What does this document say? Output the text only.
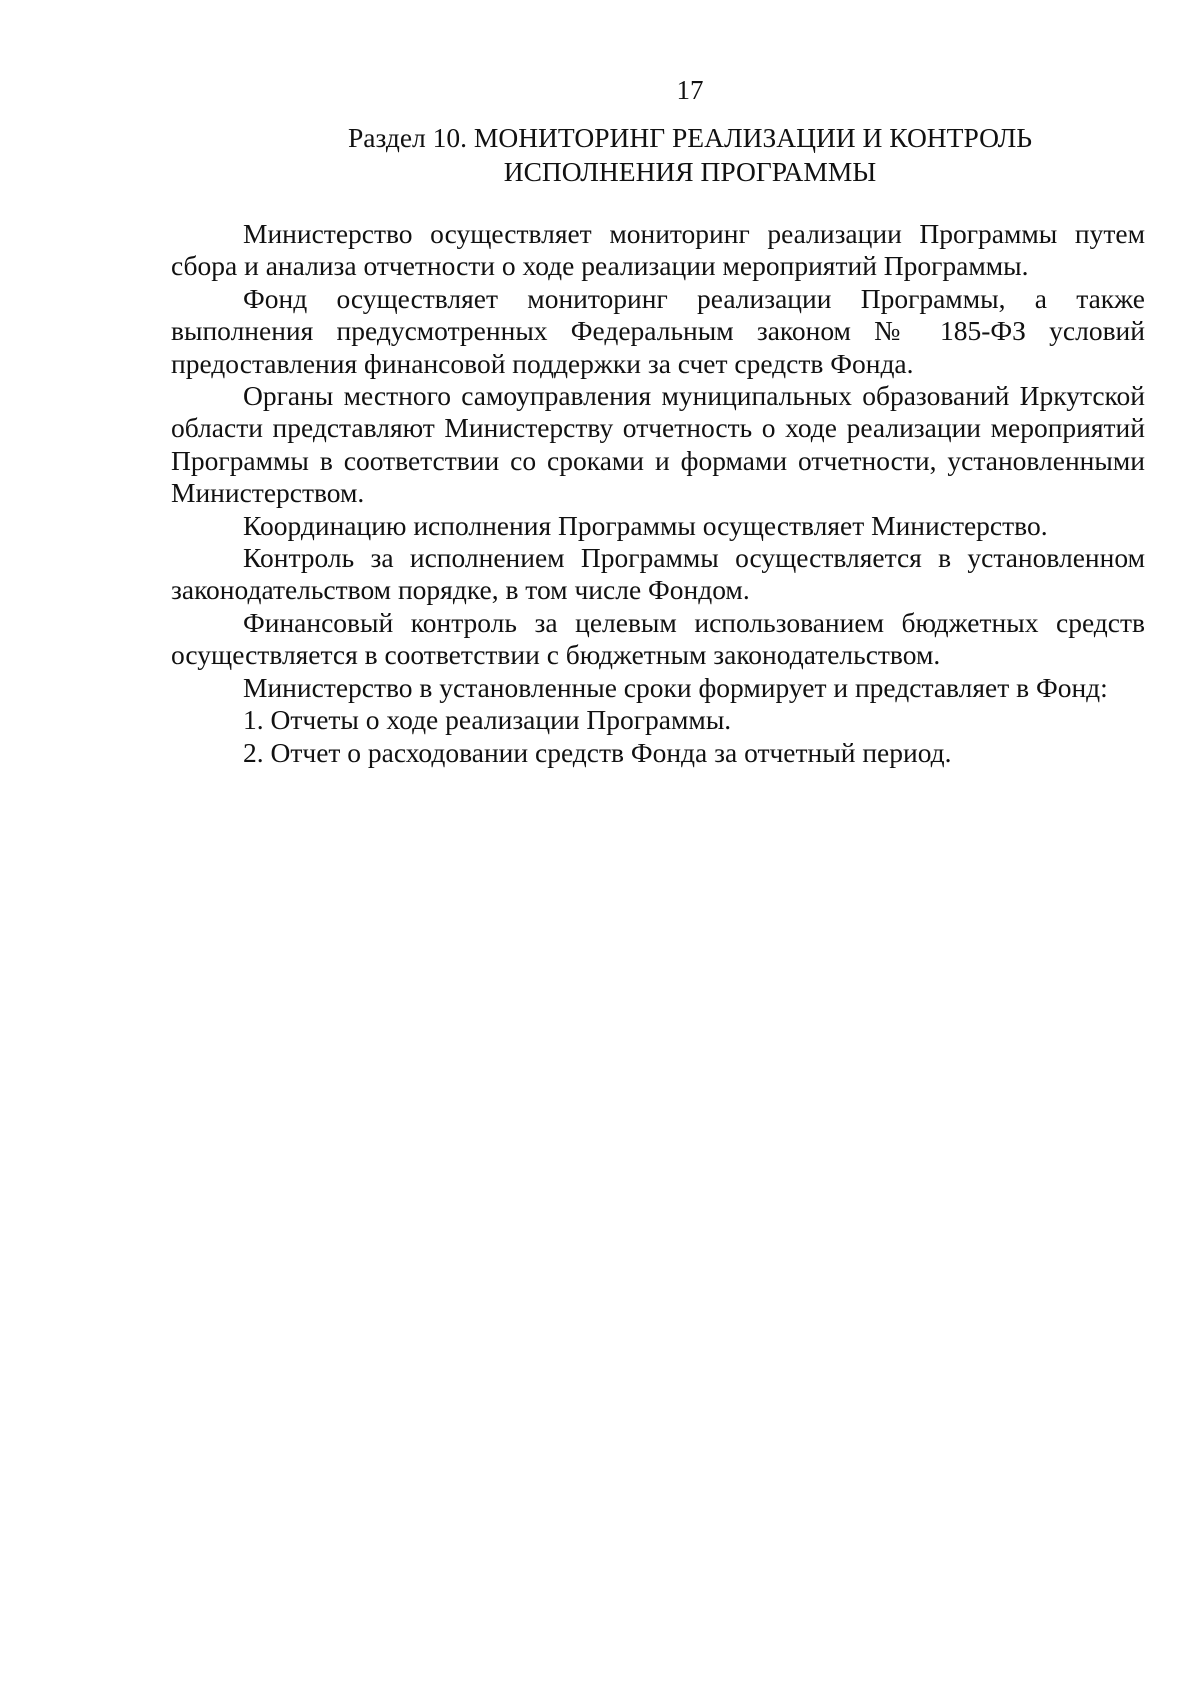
17
Раздел 10. МОНИТОРИНГ РЕАЛИЗАЦИИ И КОНТРОЛЬ
ИСПОЛНЕНИЯ ПРОГРАММЫ

Министерство осуществляет мониторинг реализации Программы путем сбора и анализа отчетности о ходе реализации мероприятий Программы.

Фонд осуществляет мониторинг реализации Программы, а также выполнения предусмотренных Федеральным законом № 185-ФЗ условий предоставления финансовой поддержки за счет средств Фонда.

Органы местного самоуправления муниципальных образований Иркутской области представляют Министерству отчетность о ходе реализации мероприятий Программы в соответствии со сроками и формами отчетности, установленными Министерством.

Координацию исполнения Программы осуществляет Министерство.

Контроль за исполнением Программы осуществляется в установленном законодательством порядке, в том числе Фондом.

Финансовый контроль за целевым использованием бюджетных средств осуществляется в соответствии с бюджетным законодательством.

Министерство в установленные сроки формирует и представляет в Фонд:

1. Отчеты о ходе реализации Программы.

2. Отчет о расходовании средств Фонда за отчетный период.
